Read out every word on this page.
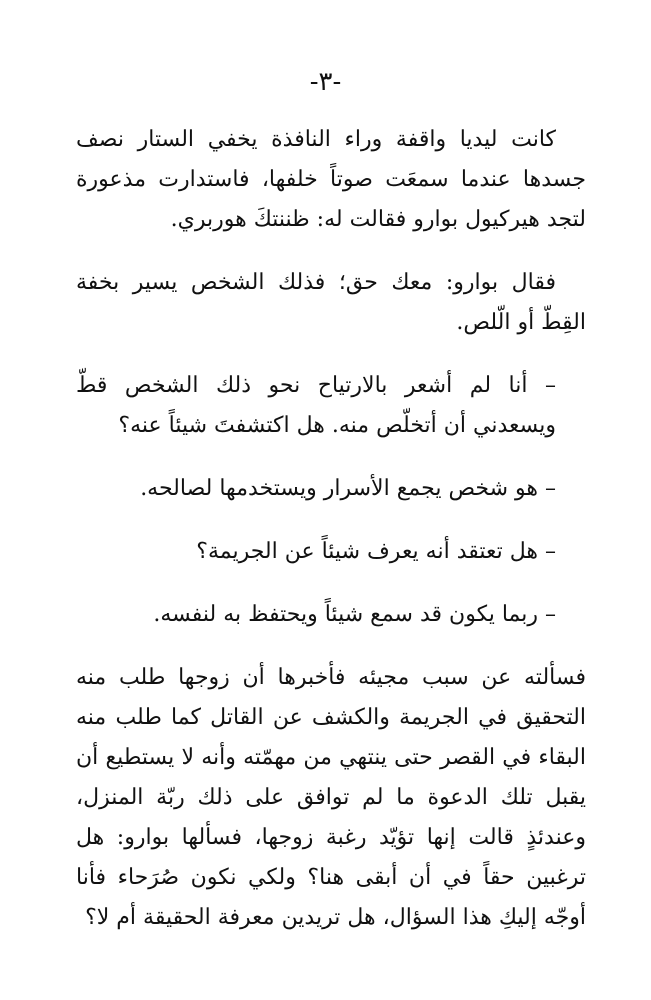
-٣-

كانت ليديا واقفة وراء النافذة يخفي الستار نصف جسدها عندما سمعَت صوتاً خلفها، فاستدارت مذعورة لتجد هيركيول بوارو فقالت له: ظننتكَ هوربري.

فقال بوارو: معك حق؛ فذلك الشخص يسير بخفة القِطّ أو الّلص.

– أنا لم أشعر بالارتياح نحو ذلك الشخص قطّ ويسعدني أن أتخلّص منه. هل اكتشفتَ شيئاً عنه؟

– هو شخص يجمع الأسرار ويستخدمها لصالحه.

– هل تعتقد أنه يعرف شيئاً عن الجريمة؟

– ربما يكون قد سمع شيئاً ويحتفظ به لنفسه.

فسألته عن سبب مجيئه فأخبرها أن زوجها طلب منه التحقيق في الجريمة والكشف عن القاتل كما طلب منه البقاء في القصر حتى ينتهي من مهمّته وأنه لا يستطيع أن يقبل تلك الدعوة ما لم توافق على ذلك ربّة المنزل، وعندئذٍ قالت إنها تؤيّد رغبة زوجها، فسألها بوارو: هل ترغبين حقاً في أن أبقى هنا؟ ولكي نكون صُرَحاء فأنا أوجّه إليكِ هذا السؤال، هل تريدين معرفة الحقيقة أم لا؟
